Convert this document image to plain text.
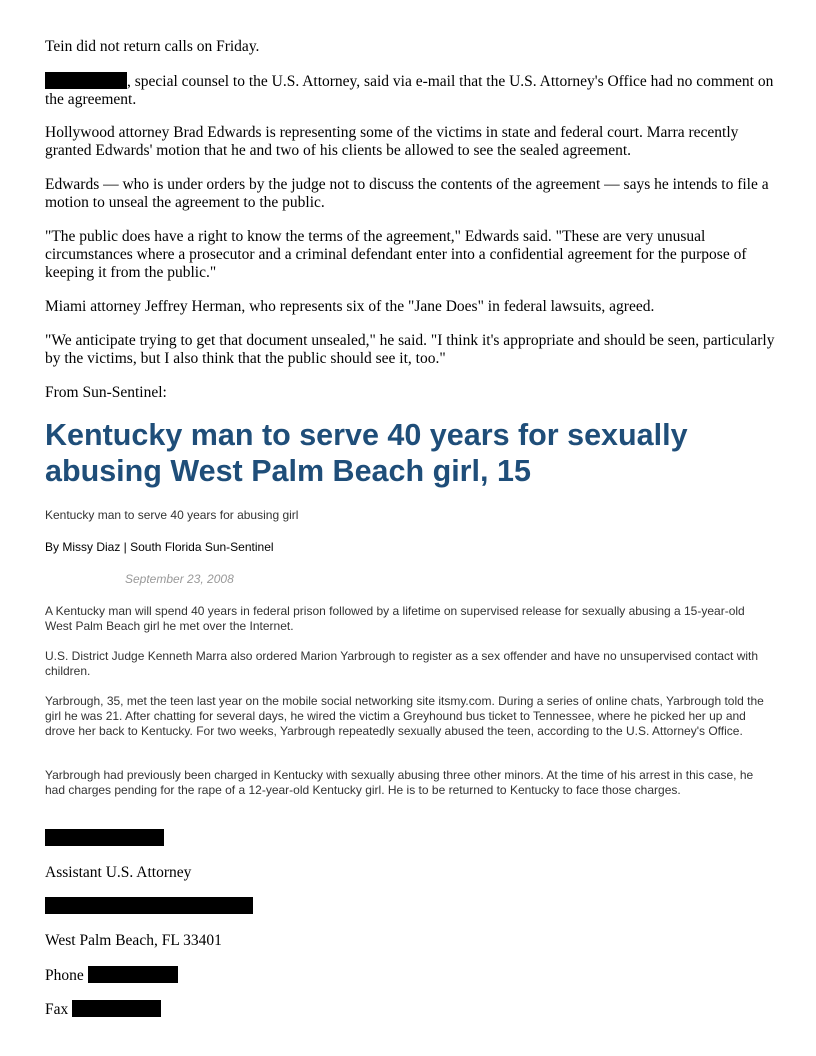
Tein did not return calls on Friday.

, special counsel to the U.S. Attorney, said via e-mail that the U.S. Attorney's Office had no comment on the agreement.

Hollywood attorney Brad Edwards is representing some of the victims in state and federal court. Marra recently granted Edwards' motion that he and two of his clients be allowed to see the sealed agreement.

Edwards — who is under orders by the judge not to discuss the contents of the agreement — says he intends to file a motion to unseal the agreement to the public.

"The public does have a right to know the terms of the agreement," Edwards said. "These are very unusual circumstances where a prosecutor and a criminal defendant enter into a confidential agreement for the purpose of keeping it from the public."

Miami attorney Jeffrey Herman, who represents six of the "Jane Does" in federal lawsuits, agreed.

"We anticipate trying to get that document unsealed," he said. "I think it's appropriate and should be seen, particularly by the victims, but I also think that the public should see it, too."

From Sun-Sentinel:

Kentucky man to serve 40 years for sexually abusing West Palm Beach girl, 15

Kentucky man to serve 40 years for abusing girl

By Missy Diaz | South Florida Sun-Sentinel

September 23, 2008

A Kentucky man will spend 40 years in federal prison followed by a lifetime on supervised release for sexually abusing a 15-year-old West Palm Beach girl he met over the Internet.

U.S. District Judge Kenneth Marra also ordered Marion Yarbrough to register as a sex offender and have no unsupervised contact with children.

Yarbrough, 35, met the teen last year on the mobile social networking site itsmy.com. During a series of online chats, Yarbrough told the girl he was 21. After chatting for several days, he wired the victim a Greyhound bus ticket to Tennessee, where he picked her up and drove her back to Kentucky. For two weeks, Yarbrough repeatedly sexually abused the teen, according to the U.S. Attorney's Office.

Yarbrough had previously been charged in Kentucky with sexually abusing three other minors. At the time of his arrest in this case, he had charges pending for the rape of a 12-year-old Kentucky girl. He is to be returned to Kentucky to face those charges.

Assistant U.S. Attorney

West Palm Beach, FL 33401

Phone

Fax
